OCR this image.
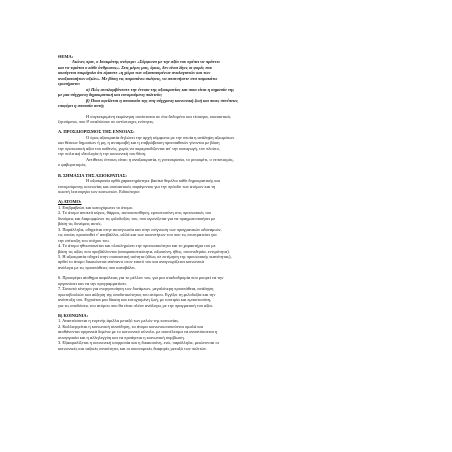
ΘΕΜΑ:
Αιώνες πριν, ο Ισοκράτης ανέφερε: «Σύμφωνα με την αξία του πρέπει να πράττει
και να τιμάται ο κάθε άνθρωπος». Στις μέρες μας, όμως, δεν είναι λίγες οι φορές που
ακούγεται πικρόχολα ότι είμαστε «η χώρα των αξιοπαισμένων αναλογιστών και των
αναξιοποιήτων αξιών». Με βάση τις παραπάνω σκέψεις, να απαντήσετε στα παρακάτω
ερωτήματα:
α) Πώς αντιλαμβάνεστε την έννοια της αξιοκρατίας και ποια είναι η σημασία της
με μια σύγχρονη δημοκρατική και ευνομούμενη πολιτεία;
β) Ποια οφείλεται η αποουσία της στη σύγχρονη κοινωνική ζωή και ποιες συνέπειες
επιφέρει η απουσία αυτή;
Η συγκεκριμένη εκφώνηση συνίσταται σε ένα δεδομένο και τέσσερα, ουσιαστικά,
ζητούμενα, που θ' αναλύσουν σε αντίστοιχες ενότητες.
Α. ΠΡΟΣΔΙΟΡΙΣΜΟΣ ΤΗΣ ΕΝΝΟΙΑΣ:
Ο όρος αξιοκρατία δηλώνει την αρχή σύμφωνα με την οποία η ανάληψη αξιωμάτων
και θέσεων δημοσίων ή μη, η ανταμοιβή και η επιβράβευση προσπαθειών γίνονται με βάση
την προσωπική αξία του καθενός, χωρίς να παρεμποδίζονται απ' την καταγωγή, τον πλούτο,
την πολιτική ιδεολογία ή την κοινωνική του θέση.
Αντίθετες έννοιες είναι: η αναξιοκρατία, η γονεοκρατία, το ρουσφέτι, ο νεποτισμός,
ο φαβοριτισμός.
Β. ΣΗΜΑΣΙΑ ΤΗΣ ΑΞΙΟΚΡΑΤΙΑΣ:
Η αξιοκρατία ορθά χαρακτηρίστηκε βασικό θεμέλιο κάθε δημοκρατικής και
ευνομούμενης κοινωνίας και ουσιαστικός παράγοντας για την πρόοδο των ατόμων και τη
σωστή λειτουργία των κοινωνιών. Ειδικότερα:
Α) ΑΤΟΜΟ:
1. Επιβραβεύει και κατοχύρωνει το άτομο.
2. Το άτομο αποκτά κύρος, θάρρος, αυτοπεποίθηση, εμπιστοσύνη στις προσωπικές του
δυνάμεις και διαμορφώνει τις φιλοδοξίες του, που αγωνίζεται για να πραγματοποιήσει με
βάση τις δυνάμεις αυτές.
3. Παράλληλα, οδηγείται στην αυτογνωσία και στην επίγνωση των πραγματικών αδυναμιών,
τις οποίες προσπαθεί ν' αποβάλλει, αλλά και των ικανοτήτων του που τις επιστρατεύει για
την επίτευξη του στόχου του.
4. Το άτομο ηθικοποιείται και ολοκληρώνει την προσωπικότητα και το χαρακτήρα του με
βάση τις αξίες που προβάλλονται (αποφασιστικότητα, αξιοσύνη, ήθος, συνονιδησία, εντιμότητα).
5. Η αξιοκρατία οδηγεί στην ουσιαστική ισότητα (ιδίως σε εκτίμηση της προσωπικής ικανότητας),
αρθεί το άτομο δικαιώνεται απέναντι στον εαυτό του και αναγνωρίζεται κοινωνικά
ανάλογα με τις προσπάθειες που καταβάλει.
6. Προσφέρει αίσθημα ασφάλειας για το μέλλον του, για μια σταδιοδρομία που μπορεί να την
οργανώσει και να την προγραμματίσει.
7. Συνιστά κίνητρο για ενεργοποίηση των δυνάμεων, μεγαλύτερη προσπάθεια, ανάληψη
πρωτοβουλιών και αύξηση της αποδοτικότητας του ατόμου. Εγγίζει τη φιλοδοξία και την
ανάπτυξη του. Εγγυάται μια δίκαιη και ευτυχισμένη ζωή, με ισοτιμία και εμπιστοσύνη,
για τις αποδόσεις του ατόμου που θα είναι πλέον ανάλογες με την πραγματική του αξία.
Β) ΚΟΙΝΩΝΙΑ:
1. Αναπτύσσεται η ευγενής άμιλλα μεταξύ των μελών της κοινωνίας.
2. Καλλιεργείται η κοινωνική συνείδηση, τα άτομα κοινωνικοποιούνται ομαλά και
αισθάνονται οργανικά δεμένα με το κοινωνικό σύνολο, με αποτέλεσμα να αναπτύσσεται η
συνεργασία και η αλληλεγγύη και να προάγεται η κοινωνική συμβίωση.
3. Εξασφαλίζεται η κοινωνική ισορροπία και η δικαιοσύνη, ενώ, παράλληλα, μειώνονται οι
κοινωνικές και ταξικές ανισότητες και οι οικονομικές διαφορές μεταξύ των πολιτών.
